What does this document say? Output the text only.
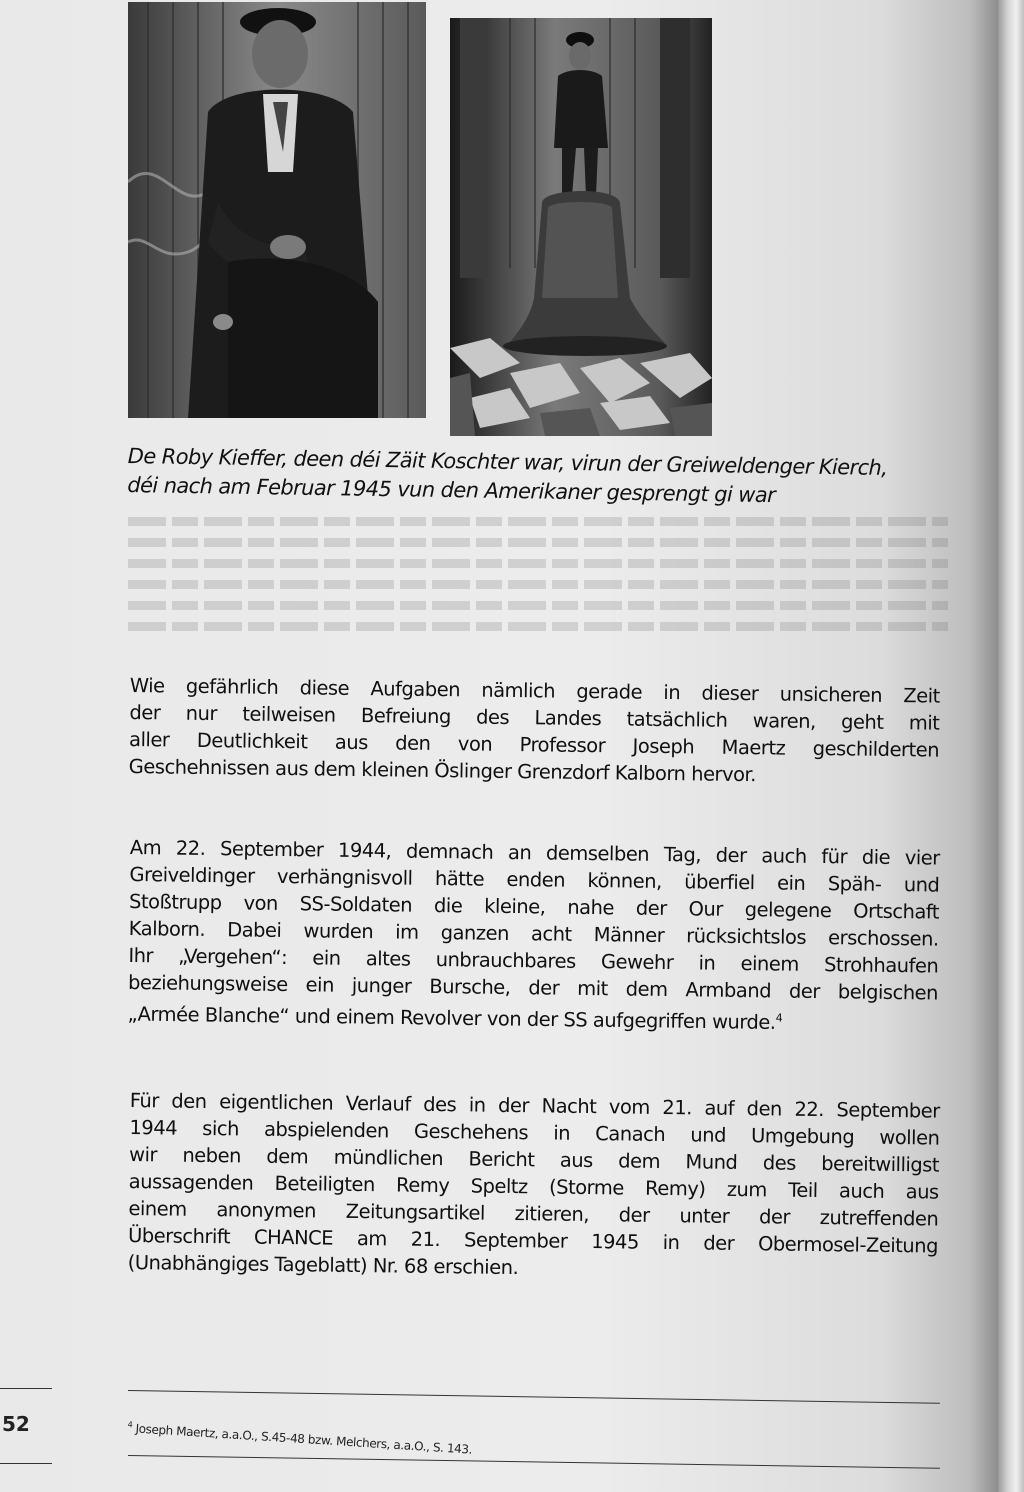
De Roby Kieffer, deen déi Zäit Koschter war, virun der Greiweldenger Kierch,
déi nach am Februar 1945 vun den Amerikaner gesprengt gi war
Wie gefährlich diese Aufgaben nämlich gerade in dieser unsicheren Zeit
der nur teilweisen Befreiung des Landes tatsächlich waren, geht mit
aller Deutlichkeit aus den von Professor Joseph Maertz geschilderten
Geschehnissen aus dem kleinen Öslinger Grenzdorf Kalborn hervor.
Am 22. September 1944, demnach an demselben Tag, der auch für die vier
Greiveldinger verhängnisvoll hätte enden können, überfiel ein Späh- und
Stoßtrupp von SS-Soldaten die kleine, nahe der Our gelegene Ortschaft
Kalborn. Dabei wurden im ganzen acht Männer rücksichtslos erschossen.
Ihr „Vergehen“: ein altes unbrauchbares Gewehr in einem Strohhaufen
beziehungsweise ein junger Bursche, der mit dem Armband der belgischen
„Armée Blanche“ und einem Revolver von der SS aufgegriffen wurde.$^4$
Für den eigentlichen Verlauf des in der Nacht vom 21. auf den 22. September
1944 sich abspielenden Geschehens in Canach und Umgebung wollen
wir neben dem mündlichen Bericht aus dem Mund des bereitwilligst
aussagenden Beteiligten Remy Speltz (Storme Remy) zum Teil auch aus
einem anonymen Zeitungsartikel zitieren, der unter der zutreffenden
Überschrift CHANCE am 21. September 1945 in der Obermosel-Zeitung
(Unabhängiges Tageblatt) Nr. 68 erschien.
52	$^4$ Joseph Maertz, a.a.O., S.45-48 bzw. Melchers, a.a.O., S. 143.
